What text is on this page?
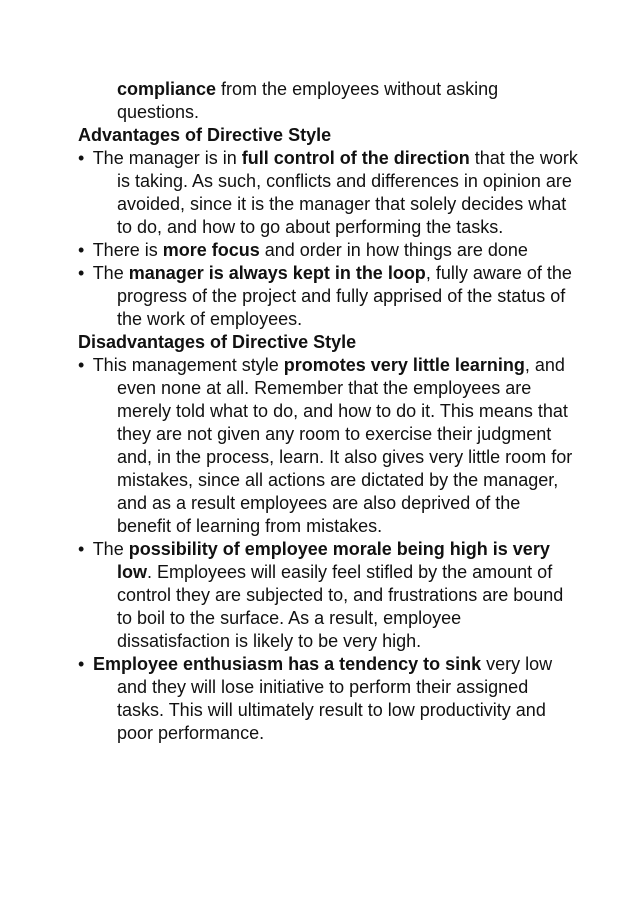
compliance from the employees without asking questions.
Advantages of Directive Style
• The manager is in full control of the direction that the work is taking. As such, conflicts and differences in opinion are avoided, since it is the manager that solely decides what to do, and how to go about performing the tasks.
• There is more focus and order in how things are done
• The manager is always kept in the loop, fully aware of the progress of the project and fully apprised of the status of the work of employees.
Disadvantages of Directive Style
• This management style promotes very little learning, and even none at all. Remember that the employees are merely told what to do, and how to do it. This means that they are not given any room to exercise their judgment and, in the process, learn. It also gives very little room for mistakes, since all actions are dictated by the manager, and as a result employees are also deprived of the benefit of learning from mistakes.
• The possibility of employee morale being high is very low. Employees will easily feel stifled by the amount of control they are subjected to, and frustrations are bound to boil to the surface. As a result, employee dissatisfaction is likely to be very high.
• Employee enthusiasm has a tendency to sink very low and they will lose initiative to perform their assigned tasks. This will ultimately result to low productivity and poor performance.
